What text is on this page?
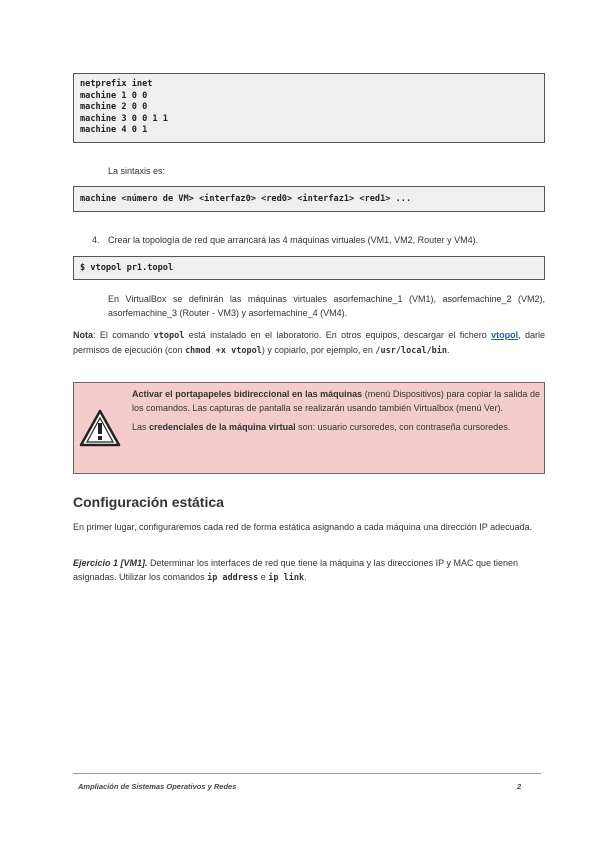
netprefix inet
machine 1 0 0
machine 2 0 0
machine 3 0 0 1 1
machine 4 0 1
La sintaxis es:
machine <número de VM> <interfaz0> <red0> <interfaz1> <red1> ...
4. Crear la topología de red que arrancará las 4 máquinas virtuales (VM1, VM2, Router y VM4).
$ vtopol pr1.topol
En VirtualBox se definirán las máquinas virtuales asorfemachine_1 (VM1), asorfemachine_2 (VM2), asorfemachine_3 (Router - VM3) y asorfemachine_4 (VM4).
Nota: El comando vtopol está instalado en el laboratorio. En otros equipos, descargar el fichero vtopol, darle permisos de ejecución (con chmod +x vtopol) y copiarlo, por ejemplo, en /usr/local/bin.

Activar el portapapeles bidireccional en las máquinas (menú Dispositivos) para copiar la salida de los comandos. Las capturas de pantalla se realizarán usando también Virtualbox (menú Ver).

Las credenciales de la máquina virtual son: usuario cursoredes, con contraseña cursoredes.

Configuración estática
En primer lugar, configuraremos cada red de forma estática asignando a cada máquina una dirección IP adecuada.
Ejercicio 1 [VM1]. Determinar los interfaces de red que tiene la máquina y las direcciones IP y MAC que tienen asignadas. Utilizar los comandos ip address e ip link.
Ampliación de Sistemas Operativos y Redes	2
